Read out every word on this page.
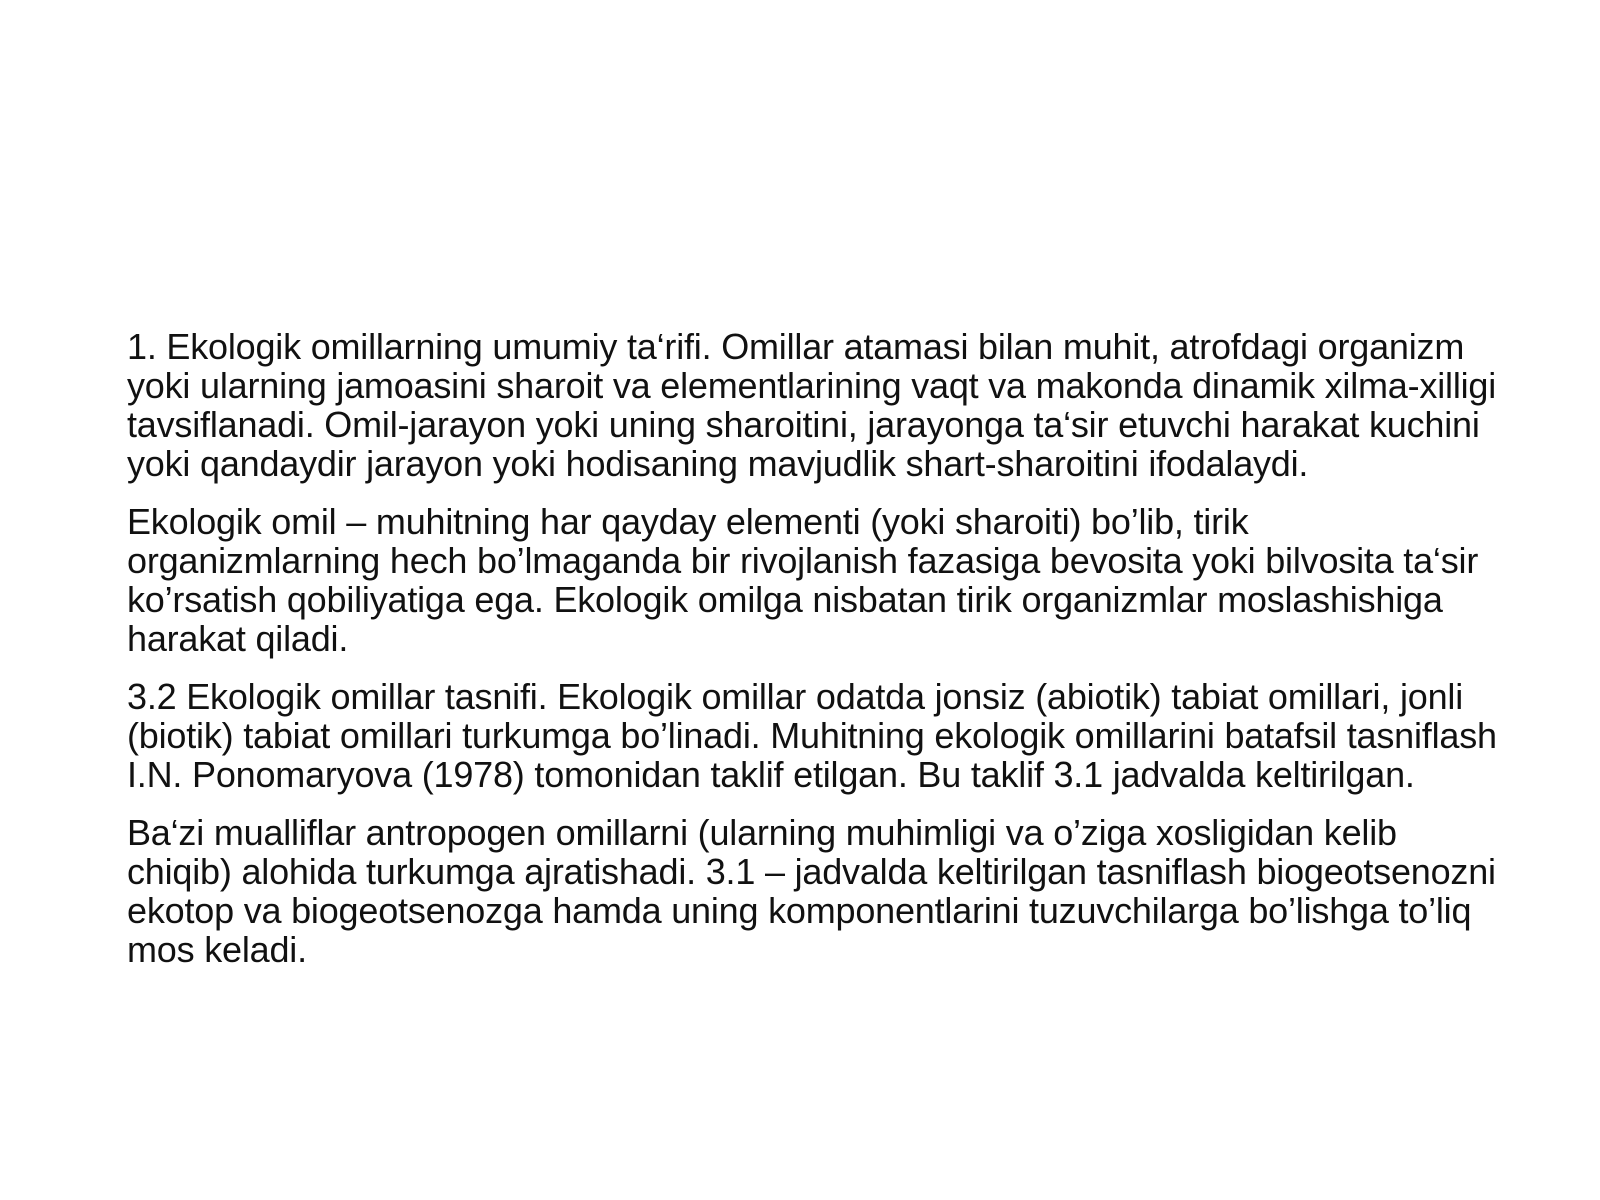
1. Ekologik omillarning umumiy ta‘rifi. Omillar atamasi bilan muhit, atrofdagi organizm yoki ularning jamoasini sharoit va elementlarining vaqt va makonda dinamik xilma-xilligi tavsiflanadi. Omil-jarayon yoki uning sharoitini, jarayonga ta‘sir etuvchi harakat kuchini yoki qandaydir jarayon yoki hodisaning mavjudlik shart-sharoitini ifodalaydi.

Ekologik omil – muhitning har qayday elementi (yoki sharoiti) bo’lib, tirik organizmlarning hech bo’lmaganda bir rivojlanish fazasiga bevosita yoki bilvosita ta‘sir ko’rsatish qobiliyatiga ega. Ekologik omilga nisbatan tirik organizmlar moslashishiga harakat qiladi.

3.2 Ekologik omillar tasnifi. Ekologik omillar odatda jonsiz (abiotik) tabiat omillari, jonli (biotik) tabiat omillari turkumga bo’linadi. Muhitning ekologik omillarini batafsil tasniflash I.N. Ponomaryova (1978) tomonidan taklif etilgan. Bu taklif 3.1 jadvalda keltirilgan.

Ba‘zi mualliflar antropogen omillarni (ularning muhimligi va o’ziga xosligidan kelib chiqib) alohida turkumga ajratishadi. 3.1 – jadvalda keltirilgan tasniflash biogeotsenozni ekotop va biogeotsenozga hamda uning komponentlarini tuzuvchilarga bo’lishga to’liq mos keladi.
